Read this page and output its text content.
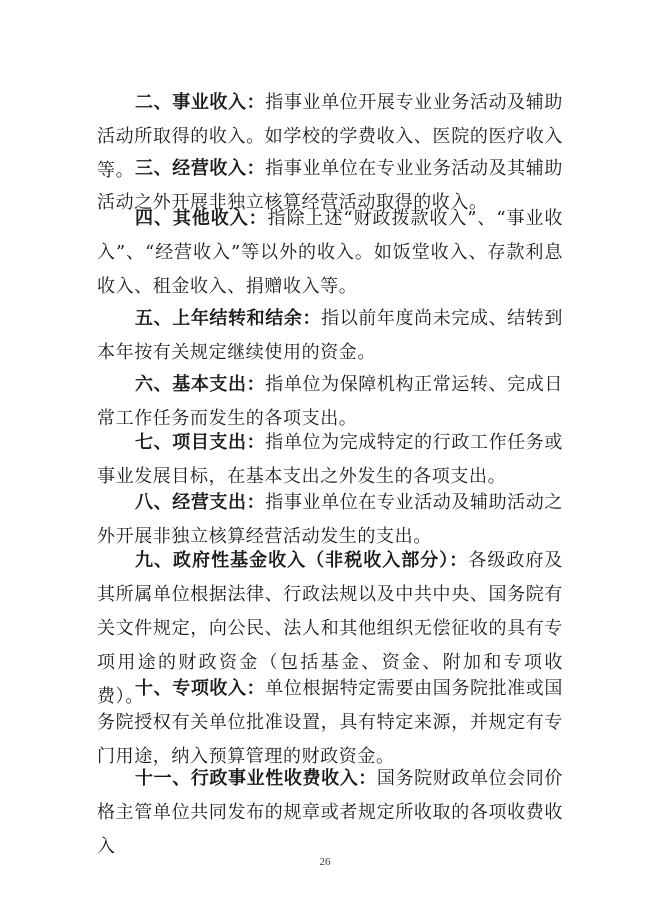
二、事业收入：指事业单位开展专业业务活动及辅助活动所取得的收入。如学校的学费收入、医院的医疗收入等。 三、经营收入：指事业单位在专业业务活动及其辅助活动之外开展非独立核算经营活动取得的收入。

四、其他收入：指除上述“财政拨款收入”、“事业收入”、“经营收入”等以外的收入。如饭堂收入、存款利息收入、租金收入、捐赠收入等。

五、上年结转和结余：指以前年度尚未完成、结转到本年按有关规定继续使用的资金。

六、基本支出：指单位为保障机构正常运转、完成日常工作任务而发生的各项支出。

七、项目支出：指单位为完成特定的行政工作任务或事业发展目标，在基本支出之外发生的各项支出。

八、经营支出：指事业单位在专业活动及辅助活动之外开展非独立核算经营活动发生的支出。

九、政府性基金收入（非税收入部分）：各级政府及其所属单位根据法律、行政法规以及中共中央、国务院有关文件规定，向公民、法人和其他组织无偿征收的具有专项用途的财政资金（包括基金、资金、附加和专项收费）。

十、专项收入：单位根据特定需要由国务院批准或国务院授权有关单位批准设置，具有特定来源，并规定有专门用途，纳入预算管理的财政资金。

十一、行政事业性收费收入：国务院财政单位会同价格主管单位共同发布的规章或者规定所收取的各项收费收入

26
